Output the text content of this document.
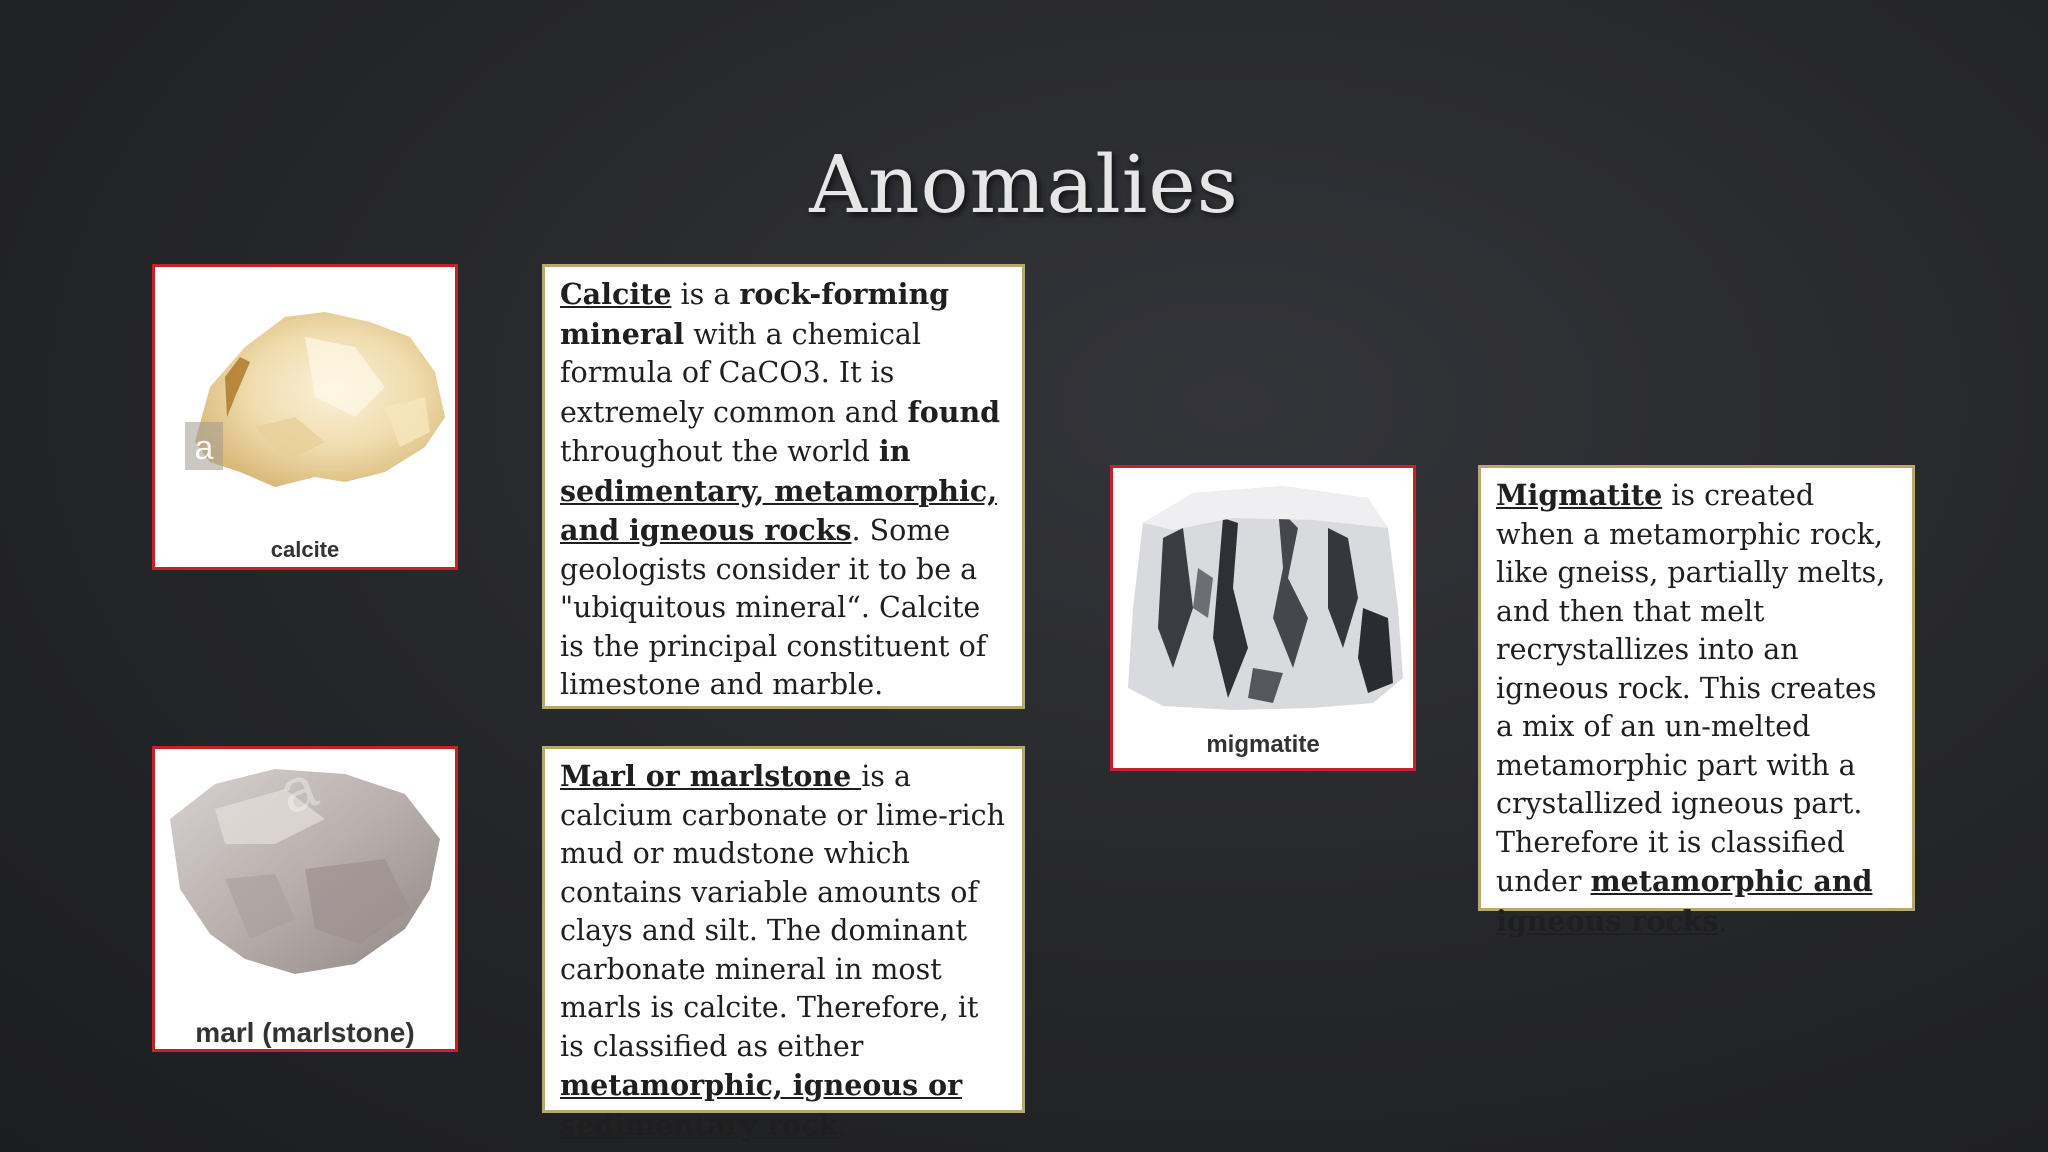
Anomalies
a
calcite
Calcite is a rock-forming mineral with a chemical formula of CaCO3. It is extremely common and found throughout the world in sedimentary, metamorphic, and igneous rocks. Some geologists consider it to be a "ubiquitous mineral“. Calcite is the principal constituent of limestone and marble.
a
marl (marlstone)
Marl or marlstone is a calcium carbonate or lime-rich mud or mudstone which contains variable amounts of clays and silt. The dominant carbonate mineral in most marls is calcite. Therefore, it is classified as either metamorphic, igneous or sedimentary rock.
migmatite
Migmatite is created when a metamorphic rock, like gneiss, partially melts, and then that melt recrystallizes into an igneous rock. This creates a mix of an un-melted metamorphic part with a crystallized igneous part. Therefore it is classified under metamorphic and igneous rocks.
